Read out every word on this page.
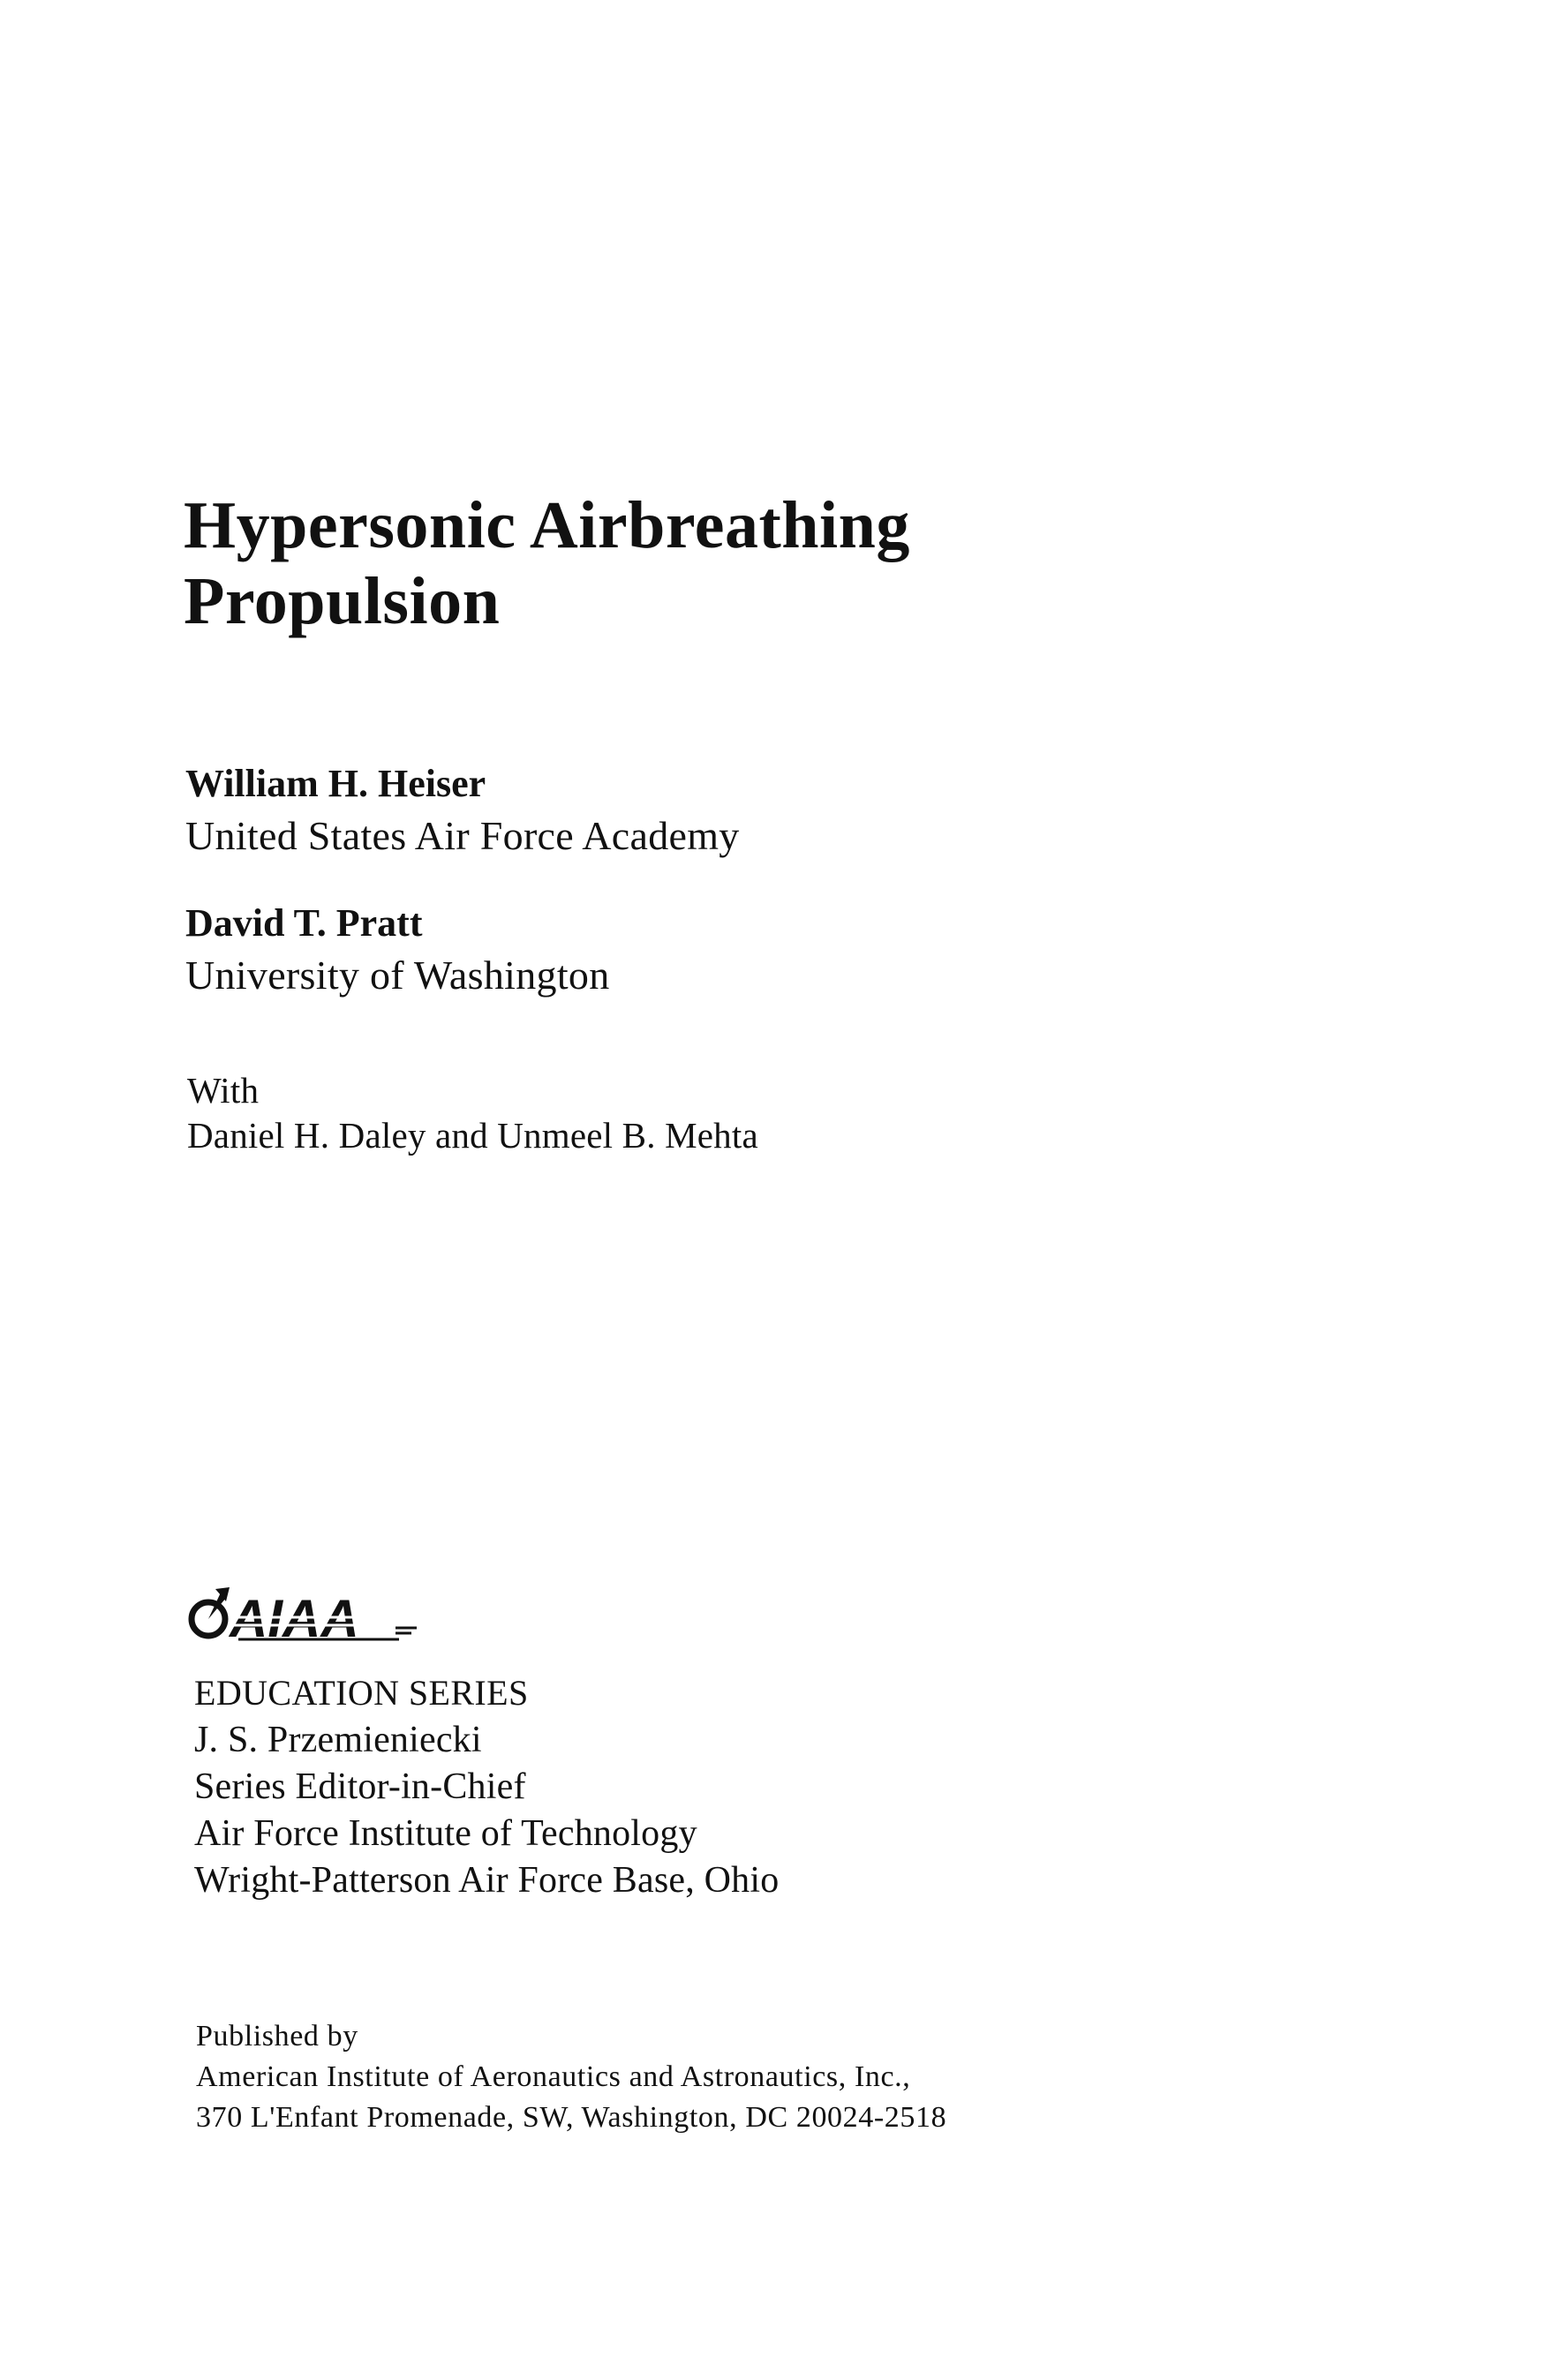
Hypersonic Airbreathing
Propulsion
William H. Heiser
United States Air Force Academy
David T. Pratt
University of Washington
With
Daniel H. Daley and Unmeel B. Mehta
AIAA
EDUCATION SERIES
J. S. Przemieniecki
Series Editor-in-Chief
Air Force Institute of Technology
Wright-Patterson Air Force Base, Ohio
Published by
American Institute of Aeronautics and Astronautics, Inc.,
370 L'Enfant Promenade, SW, Washington, DC 20024-2518
